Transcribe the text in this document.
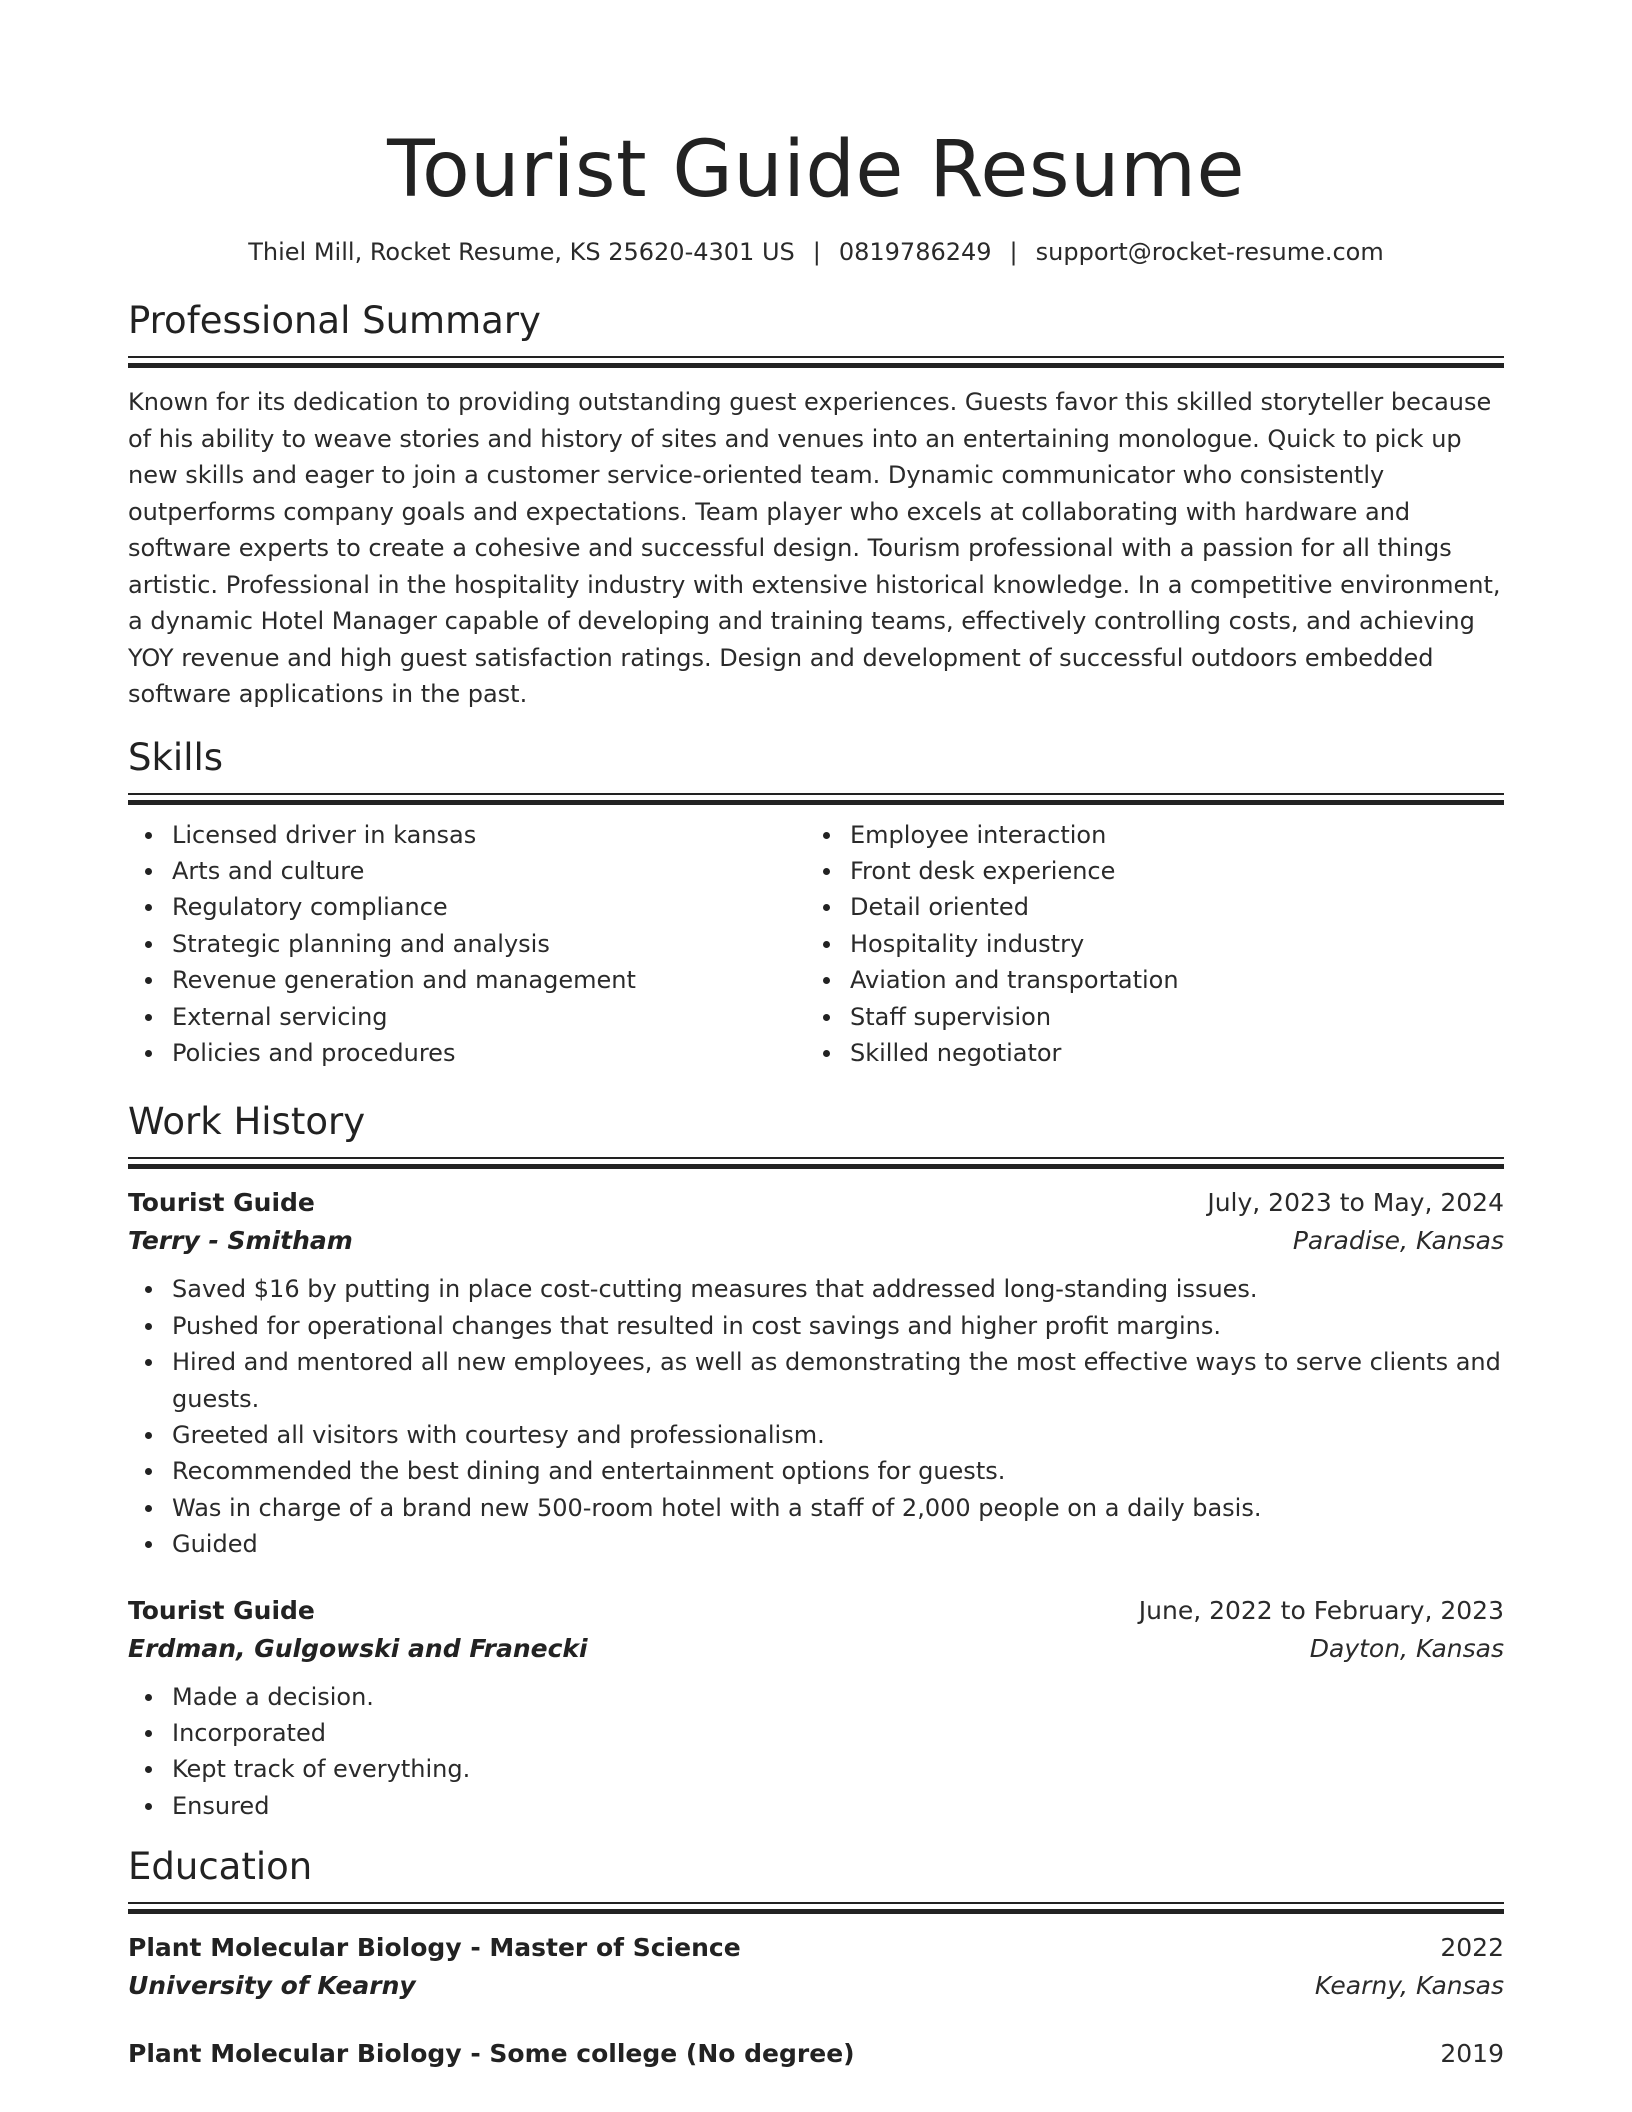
Tourist Guide Resume
Thiel Mill, Rocket Resume, KS 25620-4301 US | 0819786249 | support@rocket-resume.com
Professional Summary

Known for its dedication to providing outstanding guest experiences. Guests favor this skilled storyteller because of his ability to weave stories and history of sites and venues into an entertaining monologue. Quick to pick up new skills and eager to join a customer service-oriented team. Dynamic communicator who consistently outperforms company goals and expectations. Team player who excels at collaborating with hardware and software experts to create a cohesive and successful design. Tourism professional with a passion for all things artistic. Professional in the hospitality industry with extensive historical knowledge. In a competitive environment, a dynamic Hotel Manager capable of developing and training teams, effectively controlling costs, and achieving YOY revenue and high guest satisfaction ratings. Design and development of successful outdoors embedded software applications in the past.

Skills
Licensed driver in kansas
Arts and culture
Regulatory compliance
Strategic planning and analysis
Revenue generation and management
External servicing
Policies and procedures
Employee interaction
Front desk experience
Detail oriented
Hospitality industry
Aviation and transportation
Staff supervision
Skilled negotiator
Work History
Tourist Guide	July, 2023 to May, 2024
Terry - Smitham	Paradise, Kansas
Saved $16 by putting in place cost-cutting measures that addressed long-standing issues.
Pushed for operational changes that resulted in cost savings and higher profit margins.
Hired and mentored all new employees, as well as demonstrating the most effective ways to serve clients and guests.
Greeted all visitors with courtesy and professionalism.
Recommended the best dining and entertainment options for guests.
Was in charge of a brand new 500-room hotel with a staff of 2,000 people on a daily basis.
Guided
Tourist Guide	June, 2022 to February, 2023
Erdman, Gulgowski and Franecki	Dayton, Kansas
Made a decision.
Incorporated
Kept track of everything.
Ensured
Education
Plant Molecular Biology - Master of Science	2022
University of Kearny	Kearny, Kansas
Plant Molecular Biology - Some college (No degree)	2019
